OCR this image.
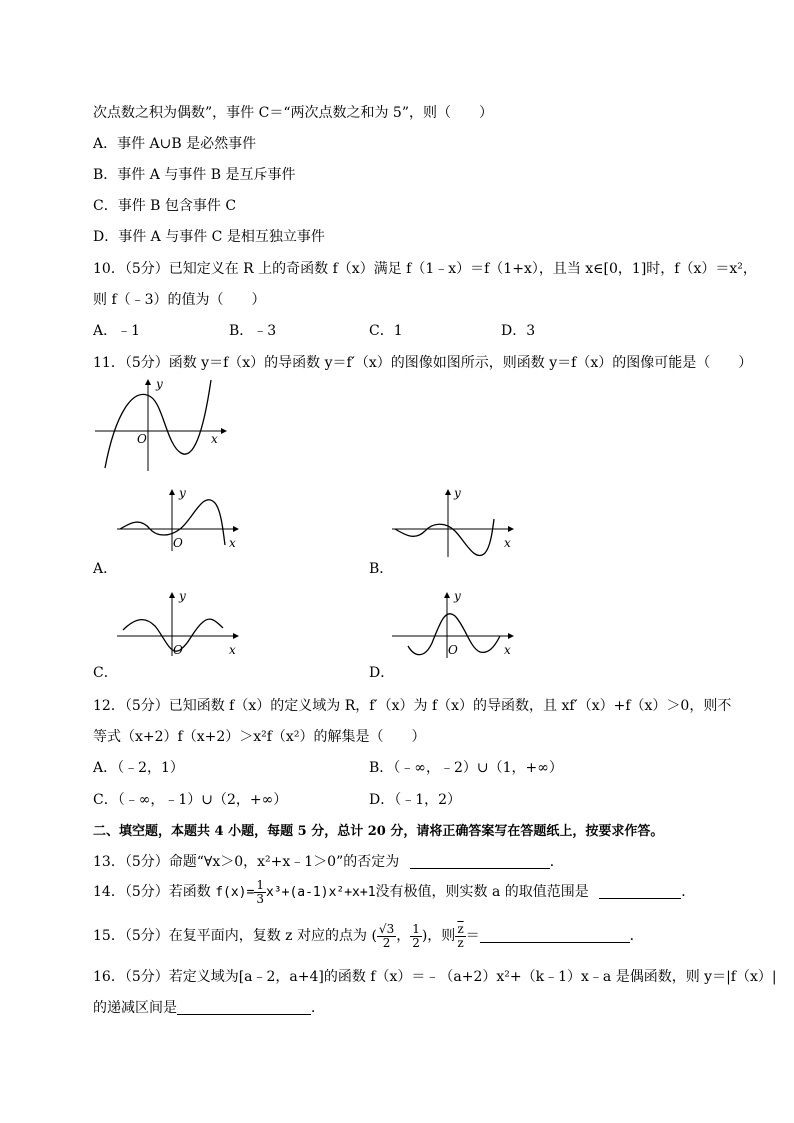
次点数之积为偶数”，事件 C＝“两次点数之和为 5”，则（　　）
A．事件 A∪B 是必然事件
B．事件 A 与事件 B 是互斥事件
C．事件 B 包含事件 C
D．事件 A 与事件 C 是相互独立事件
10．（5分）已知定义在 R 上的奇函数 f（x）满足 f（1﹣x）＝f（1+x），且当 x∈[0，1]时，f（x）＝x²，
则 f（﹣3）的值为（　　）
A．﹣1	B．﹣3	C．1	D．3
11．（5分）函数 y＝f（x）的导函数 y＝f′（x）的图像如图所示，则函数 y＝f（x）的图像可能是（　　）
y
O	x
y
O	x
A．
y
x
B．
y
O	x
C．
y
O	x
D．
12．（5分）已知函数 f（x）的定义域为 R，f′（x）为 f（x）的导函数，且 xf′（x）+f（x）＞0，则不
等式（x+2）f（x+2）＞x²f（x²）的解集是（　　）
A．（﹣2，1）	B．（﹣∞，﹣2）∪（1，+∞）
C．（﹣∞，﹣1）∪（2，+∞）	D．（﹣1，2）
二、填空题，本题共 4 小题，每题 5 分，总计 20 分，请将正确答案写在答题纸上，按要求作答。
13．（5分）命题“∀x＞0，x²+x﹣1＞0”的否定为	．
14．（5分）若函数 $f(x)= \frac{1}{3} x^3+(a-1)x^2+x+1$没有极值，则实数 a 的取值范围是	．
15．（5分）在复平面内，复数 z 对应的点为 ( $\frac{√3}{2}$ ， $\frac{1}{2}$ )，则 $\frac{\overline{z}}{z}$ ＝	．
16．（5分）若定义域为[a﹣2，a+4]的函数 f（x）＝﹣（a+2）x²+（k﹣1）x﹣a 是偶函数，则 y＝|f（x）|
的递减区间是	．
